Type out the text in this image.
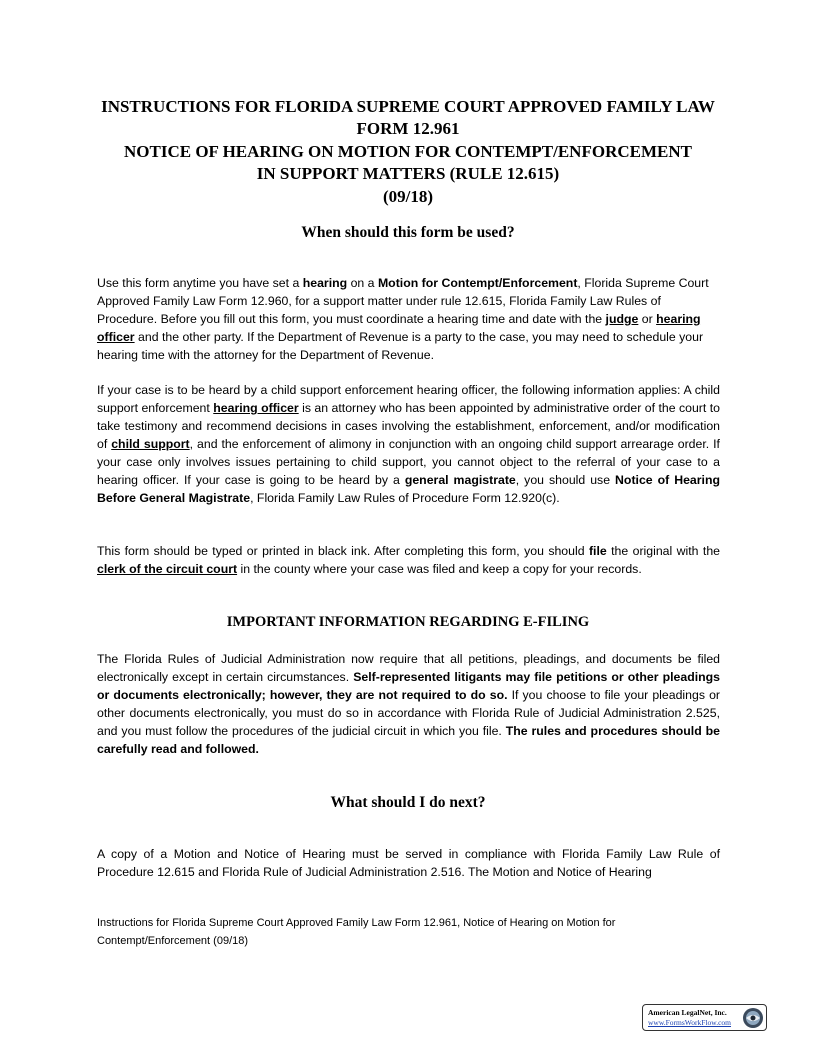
INSTRUCTIONS FOR FLORIDA SUPREME COURT APPROVED FAMILY LAW
FORM 12.961
NOTICE OF HEARING ON MOTION FOR CONTEMPT/ENFORCEMENT
IN SUPPORT MATTERS (RULE 12.615)
(09/18)
When should this form be used?

Use this form anytime you have set a hearing on a Motion for Contempt/Enforcement, Florida Supreme Court Approved Family Law Form 12.960, for a support matter under rule 12.615, Florida Family Law Rules of Procedure. Before you fill out this form, you must coordinate a hearing time and date with the judge or hearing officer and the other party. If the Department of Revenue is a party to the case, you may need to schedule your hearing time with the attorney for the Department of Revenue.

If your case is to be heard by a child support enforcement hearing officer, the following information applies: A child support enforcement hearing officer is an attorney who has been appointed by administrative order of the court to take testimony and recommend decisions in cases involving the establishment, enforcement, and/or modification of child support, and the enforcement of alimony in conjunction with an ongoing child support arrearage order. If your case only involves issues pertaining to child support, you cannot object to the referral of your case to a hearing officer. If your case is going to be heard by a general magistrate, you should use Notice of Hearing Before General Magistrate, Florida Family Law Rules of Procedure Form 12.920(c).

This form should be typed or printed in black ink. After completing this form, you should file the original with the clerk of the circuit court in the county where your case was filed and keep a copy for your records.

IMPORTANT INFORMATION REGARDING E-FILING

The Florida Rules of Judicial Administration now require that all petitions, pleadings, and documents be filed electronically except in certain circumstances. Self-represented litigants may file petitions or other pleadings or documents electronically; however, they are not required to do so. If you choose to file your pleadings or other documents electronically, you must do so in accordance with Florida Rule of Judicial Administration 2.525, and you must follow the procedures of the judicial circuit in which you file. The rules and procedures should be carefully read and followed.

What should I do next?

A copy of a Motion and Notice of Hearing must be served in compliance with Florida Family Law Rule of Procedure 12.615 and Florida Rule of Judicial Administration 2.516. The Motion and Notice of Hearing

Instructions for Florida Supreme Court Approved Family Law Form 12.961, Notice of Hearing on Motion for Contempt/Enforcement (09/18)

American LegalNet, Inc.
www.FormsWorkFlow.com
